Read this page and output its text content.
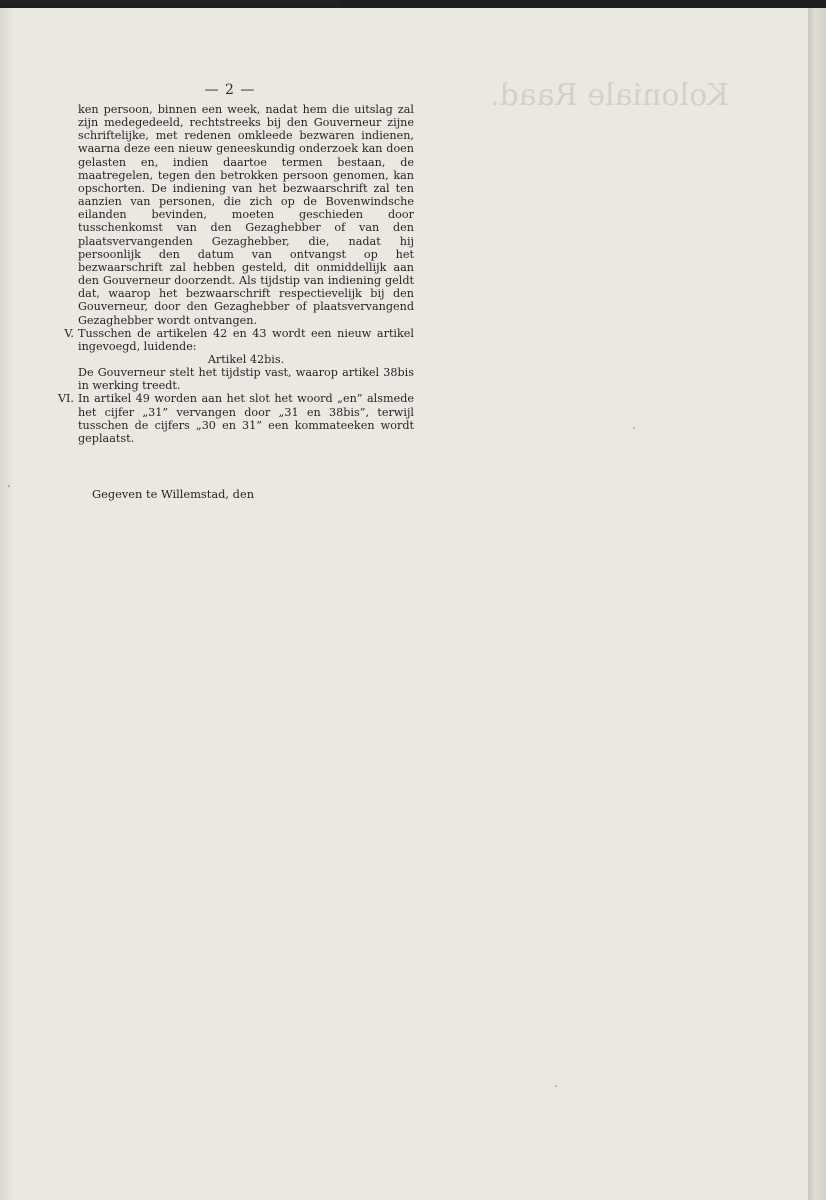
Koloniale Raad.
— 2 —

ken persoon, binnen een week, nadat hem die uitslag zal zijn medegedeeld, rechtstreeks bij den Gouverneur zijne schriftelijke, met redenen omkleede bezwaren indienen, waarna deze een nieuw geneeskundig onderzoek kan doen gelasten en, indien daartoe termen bestaan, de maatregelen, tegen den betrokken persoon genomen, kan opschorten. De indiening van het bezwaarschrift zal ten aanzien van personen, die zich op de Bovenwindsche eilanden bevinden, moeten geschieden door tusschenkomst van den Gezaghebber of van den plaatsvervangenden Gezaghebber, die, nadat hij persoonlijk den datum van ontvangst op het bezwaarschrift zal hebben gesteld, dit onmiddellijk aan den Gouverneur doorzendt. Als tijdstip van indiening geldt dat, waarop het bezwaarschrift respectievelijk bij den Gouverneur, door den Gezaghebber of plaatsvervangend Gezaghebber wordt ontvangen.

V. Tusschen de artikelen 42 en 43 wordt een nieuw artikel ingevoegd, luidende:

Artikel 42bis.

De Gouverneur stelt het tijdstip vast, waarop artikel 38bis in werking treedt.

VI. In artikel 49 worden aan het slot het woord „en” alsmede het cijfer „31” vervangen door „31 en 38bis”, terwijl tusschen de cijfers „30 en 31” een kommateeken wordt geplaatst.

Gegeven te Willemstad, den
